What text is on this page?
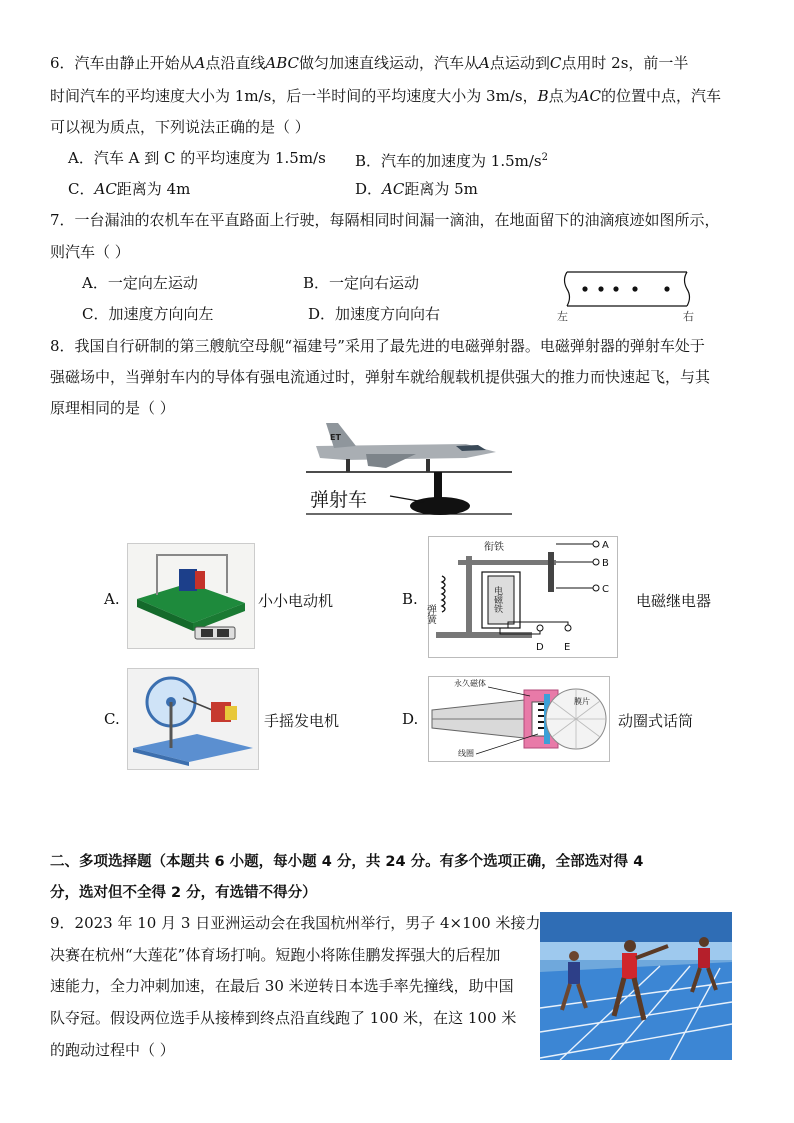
6．汽车由静止开始从A点沿直线ABC做匀加速直线运动，汽车从A点运动到C点用时 2s，前一半
时间汽车的平均速度大小为 1m/s，后一半时间的平均速度大小为 3m/s，B点为AC的位置中点，汽车
可以视为质点，下列说法正确的是（ ）
A．汽车 A 到 C 的平均速度为 1.5m/s B．汽车的加速度为 $1.5m/s^2$
C．AC距离为 4m	D．AC距离为 5m
7．一台漏油的农机车在平直路面上行驶，每隔相同时间漏一滴油，在地面留下的油滴痕迹如图所示，
则汽车（ ）
A．一定向左运动	B．一定向右运动
C．加速度方向向左	D．加速度方向向右	左	右
8．我国自行研制的第三艘航空母舰“福建号”采用了最先进的电磁弹射器。电磁弹射器的弹射车处于
强磁场中，当弹射车内的导体有强电流通过时，弹射车就给舰载机提供强大的推力而快速起飞，与其
原理相同的是（ ）
ET
弹射车
A.	小小电动机	B.
衔铁
弹簧
电磁铁
A
B
C
D E
电磁继电器
C.	手摇发电机	D.
永久磁体
膜片
线圈
动圈式话筒
二、多项选择题（本题共 6 小题，每小题 4 分，共 24 分。有多个选项正确，全部选对得 4
分，选对但不全得 2 分，有选错不得分）
9．2023 年 10 月 3 日亚洲运动会在我国杭州举行，男子 4×100 米接力
决赛在杭州“大莲花”体育场打响。短跑小将陈佳鹏发挥强大的后程加
速能力，全力冲刺加速，在最后 30 米逆转日本选手率先撞线，助中国
队夺冠。假设两位选手从接棒到终点沿直线跑了 100 米，在这 100 米
的跑动过程中（ ）
